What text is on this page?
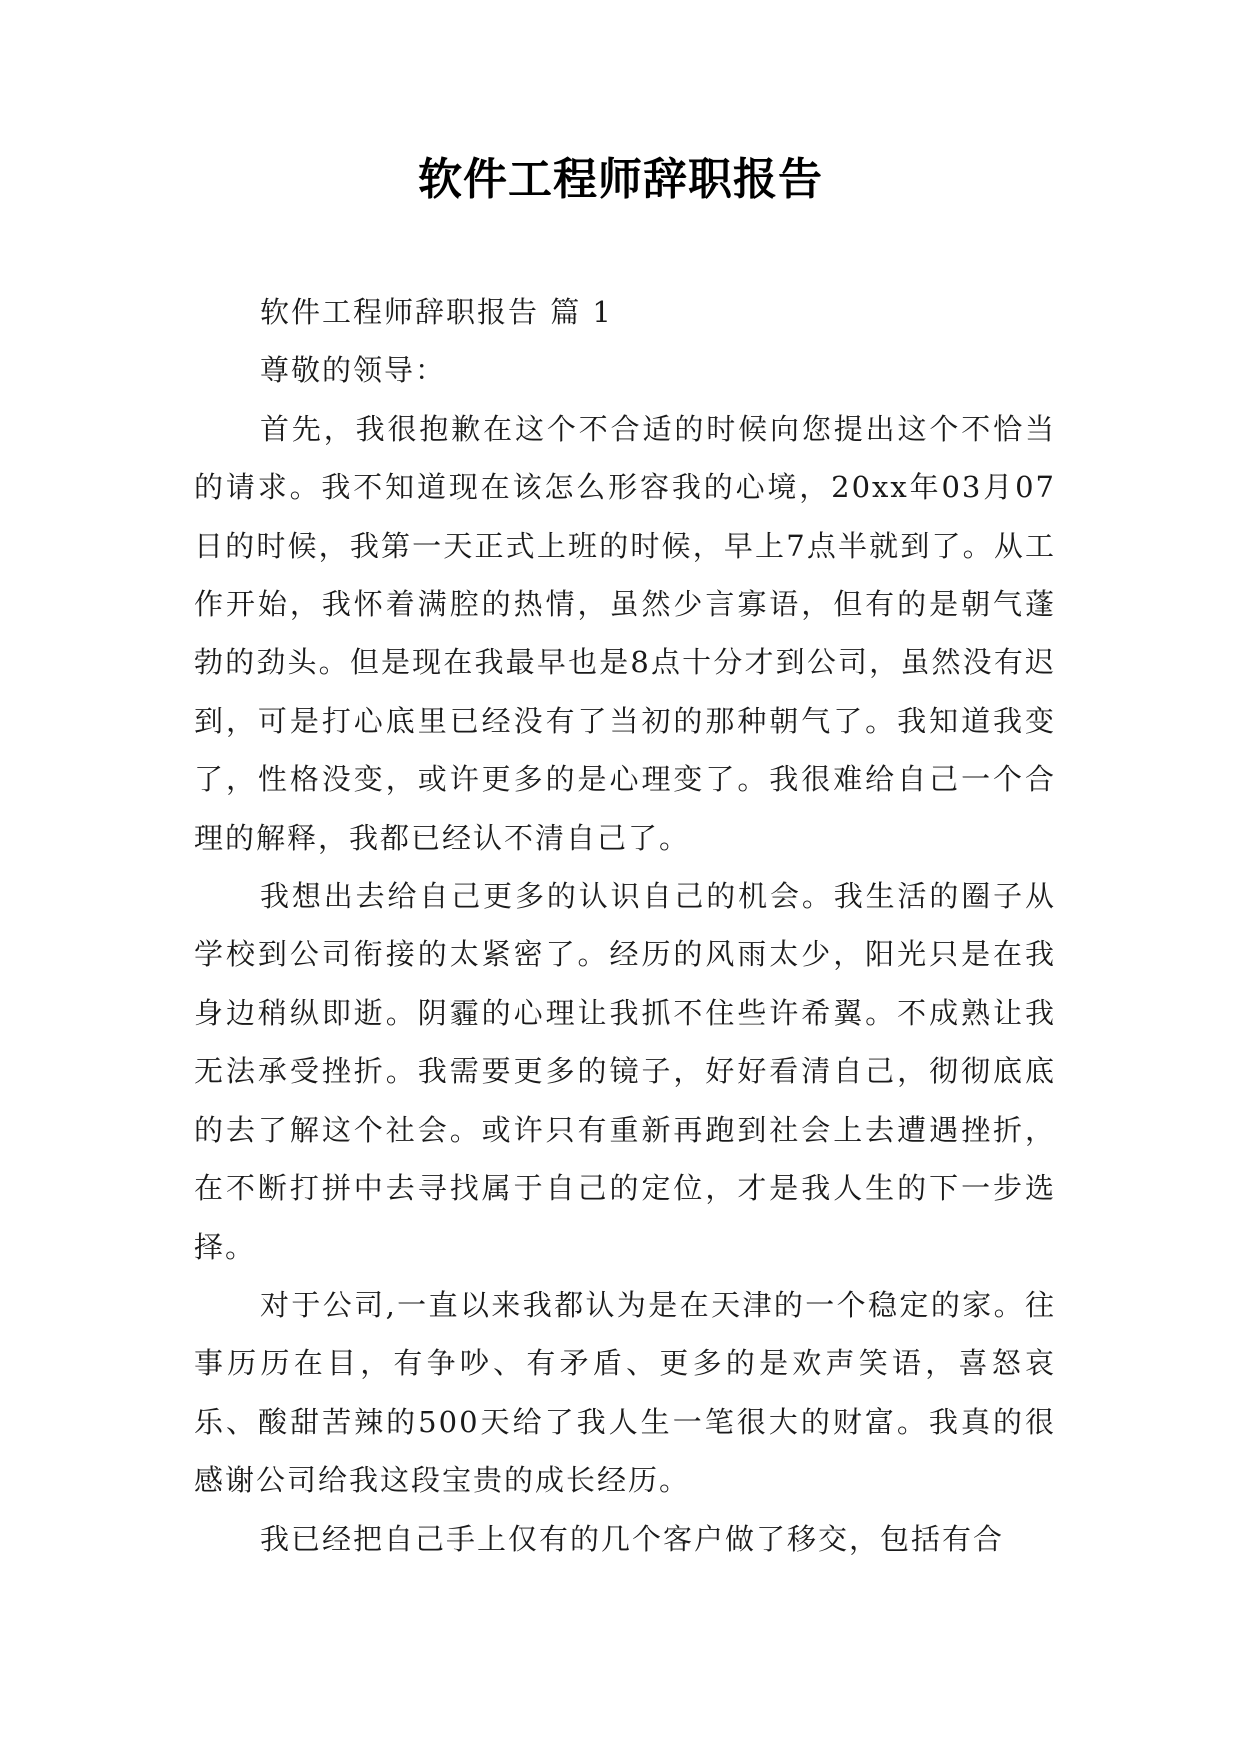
软件工程师辞职报告

软件工程师辞职报告 篇 1

尊敬的领导：

首先，我很抱歉在这个不合适的时候向您提出这个不恰当的请求。我不知道现在该怎么形容我的心境，20xx年03月07日的时候，我第一天正式上班的时候，早上7点半就到了。从工作开始，我怀着满腔的热情，虽然少言寡语，但有的是朝气蓬勃的劲头。但是现在我最早也是8点十分才到公司，虽然没有迟到，可是打心底里已经没有了当初的那种朝气了。我知道我变了，性格没变，或许更多的是心理变了。我很难给自己一个合理的解释，我都已经认不清自己了。

我想出去给自己更多的认识自己的机会。我生活的圈子从学校到公司衔接的太紧密了。经历的风雨太少，阳光只是在我身边稍纵即逝。阴霾的心理让我抓不住些许希翼。不成熟让我无法承受挫折。我需要更多的镜子，好好看清自己，彻彻底底的去了解这个社会。或许只有重新再跑到社会上去遭遇挫折，在不断打拼中去寻找属于自己的定位，才是我人生的下一步选择。

对于公司,一直以来我都认为是在天津的一个稳定的家。往事历历在目，有争吵、有矛盾、更多的是欢声笑语，喜怒哀乐、酸甜苦辣的500天给了我人生一笔很大的财富。我真的很感谢公司给我这段宝贵的成长经历。

我已经把自己手上仅有的几个客户做了移交，包括有合
